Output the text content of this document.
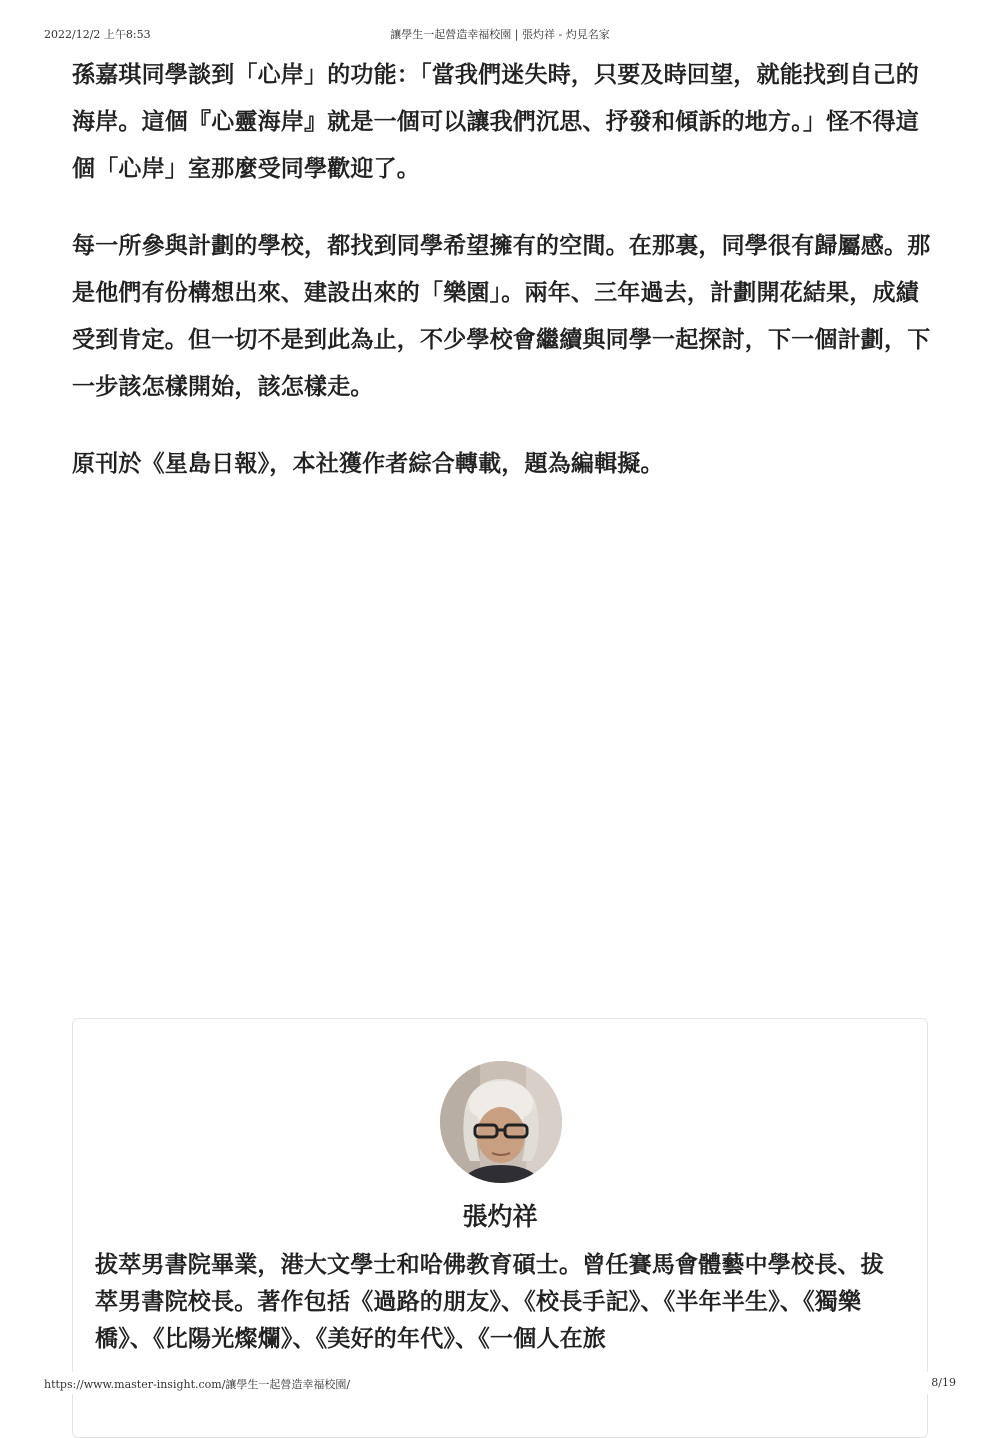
2022/12/2 上午8:53	讓學生一起營造幸福校園 | 張灼祥 - 灼見名家

孫嘉琪同學談到「心岸」的功能：「當我們迷失時，只要及時回望，就能找到自己的海岸。這個『心靈海岸』就是一個可以讓我們沉思、抒發和傾訴的地方。」怪不得這個「心岸」室那麼受同學歡迎了。

每一所參與計劃的學校，都找到同學希望擁有的空間。在那裏，同學很有歸屬感。那是他們有份構想出來、建設出來的「樂園」。兩年、三年過去，計劃開花結果，成績受到肯定。但一切不是到此為止，不少學校會繼續與同學一起探討，下一個計劃，下一步該怎樣開始，該怎樣走。

原刊於《星島日報》，本社獲作者綜合轉載，題為編輯擬。

張灼祥

拔萃男書院畢業，港大文學士和哈佛教育碩士。曾任賽馬會體藝中學校長、拔萃男書院校長。著作包括《過路的朋友》、《校長手記》、《半年半生》、《獨樂橋》、《比陽光燦爛》、《美好的年代》、《一個人在旅

https://www.master-insight.com/讓學生一起營造幸福校園/	8/19
